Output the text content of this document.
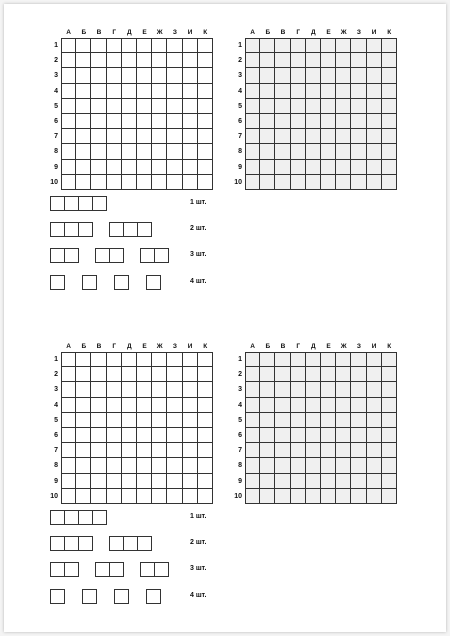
А	Б	В	Г	Д	Е	Ж	З	И	К
1
2
3
4
5
6
7
8
9
10
А	Б	В	Г	Д	Е	Ж	З	И	К
1
2
3
4
5
6
7
8
9
10
1 шт.
2 шт.
3 шт.
4 шт.
А	Б	В	Г	Д	Е	Ж	З	И	К
1
2
3
4
5
6
7
8
9
10
А	Б	В	Г	Д	Е	Ж	З	И	К
1
2
3
4
5
6
7
8
9
10
1 шт.
2 шт.
3 шт.
4 шт.
